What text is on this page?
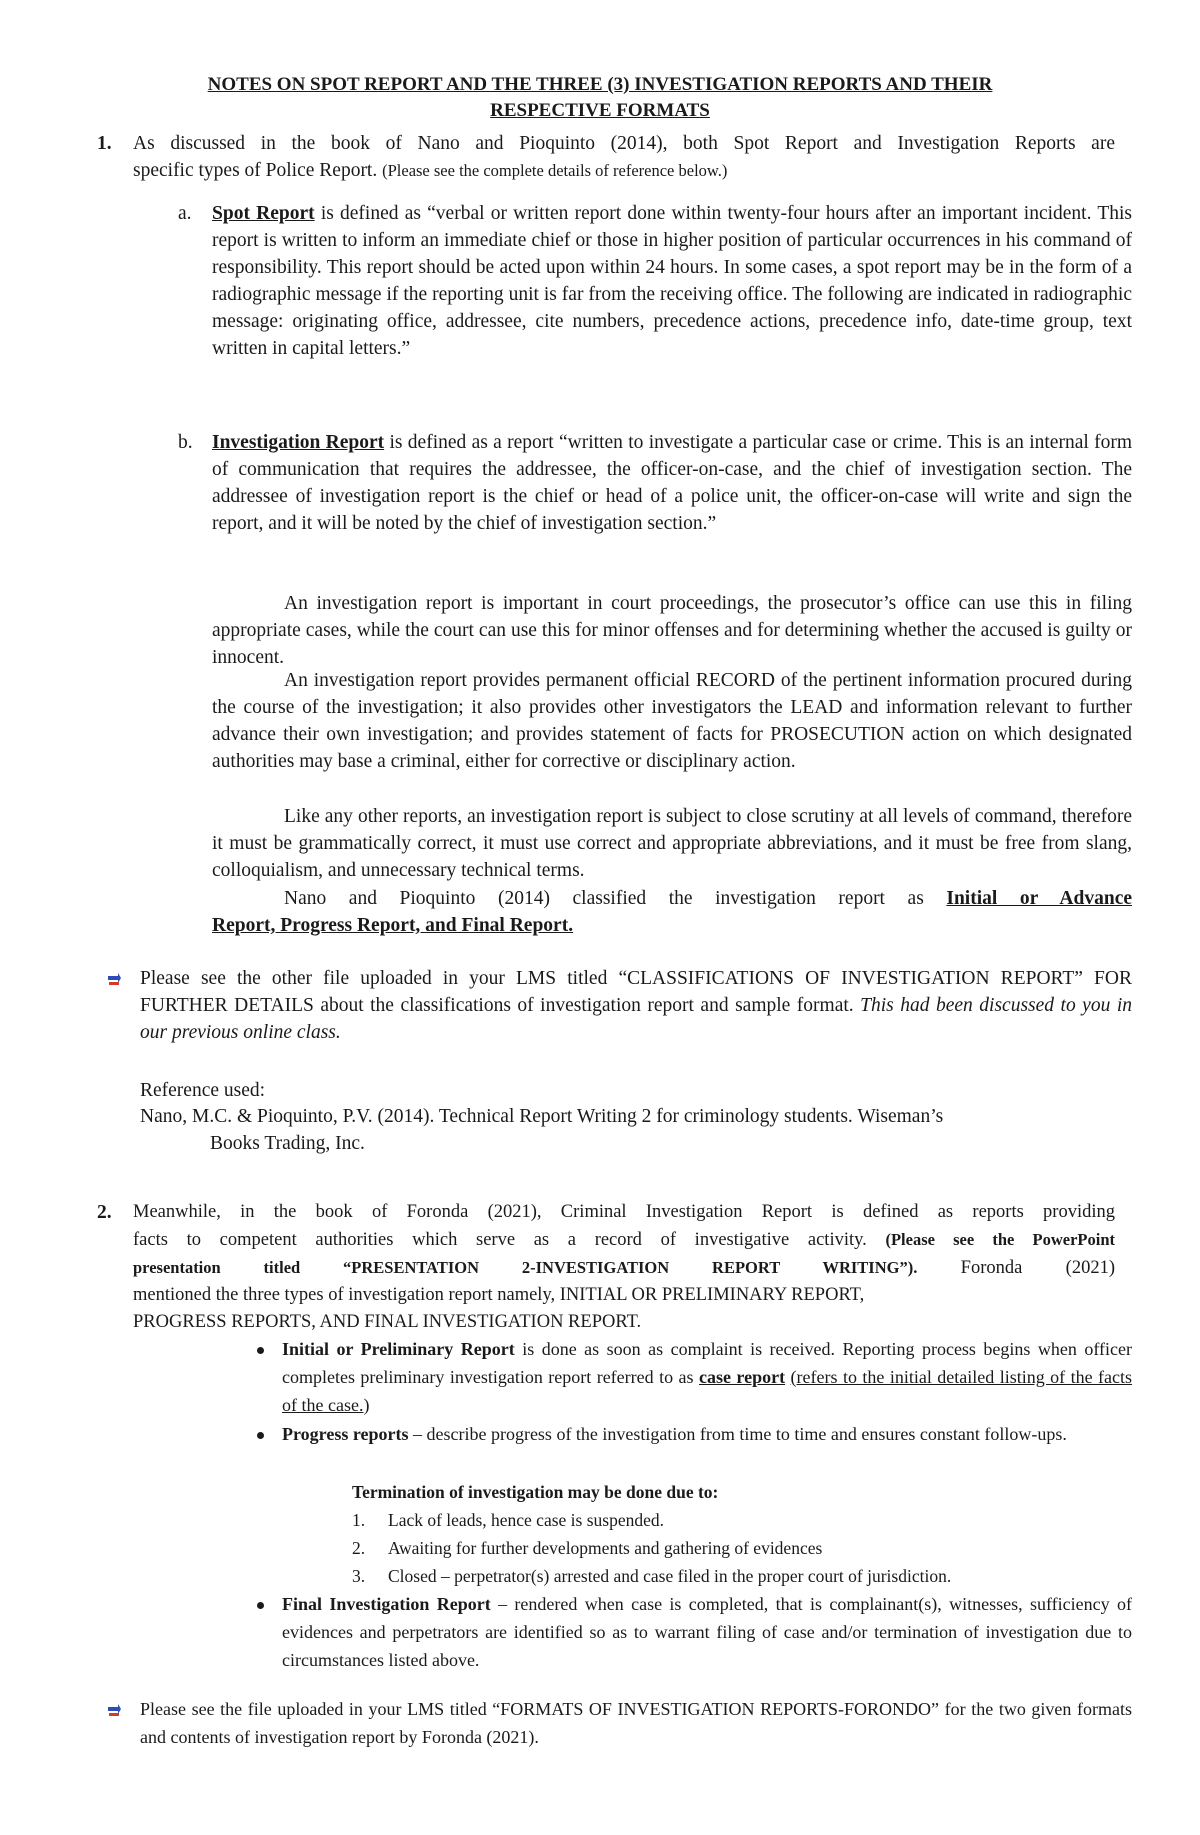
NOTES ON SPOT REPORT AND THE THREE (3) INVESTIGATION REPORTS AND THEIR
RESPECTIVE FORMATS
1. As discussed in the book of Nano and Pioquinto (2014), both Spot Report and Investigation Reports are
specific types of Police Report. (Please see the complete details of reference below.)
a. Spot Report is defined as “verbal or written report done within twenty-four hours after an important incident. This report is written to inform an immediate chief or those in higher position of particular occurrences in his command of responsibility. This report should be acted upon within 24 hours. In some cases, a spot report may be in the form of a radiographic message if the reporting unit is far from the receiving office. The following are indicated in radiographic message: originating office, addressee, cite numbers, precedence actions, precedence info, date-time group, text written in capital letters.”
b. Investigation Report is defined as a report “written to investigate a particular case or crime. This is an internal form of communication that requires the addressee, the officer-on-case, and the chief of investigation section. The addressee of investigation report is the chief or head of a police unit, the officer-on-case will write and sign the report, and it will be noted by the chief of investigation section.”
An investigation report is important in court proceedings, the prosecutor’s office can use this in filing appropriate cases, while the court can use this for minor offenses and for determining whether the accused is guilty or innocent.
An investigation report provides permanent official RECORD of the pertinent information procured during the course of the investigation; it also provides other investigators the LEAD and information relevant to further advance their own investigation; and provides statement of facts for PROSECUTION action on which designated authorities may base a criminal, either for corrective or disciplinary action.
Like any other reports, an investigation report is subject to close scrutiny at all levels of command, therefore it must be grammatically correct, it must use correct and appropriate abbreviations, and it must be free from slang, colloquialism, and unnecessary technical terms.
Nano and Pioquinto (2014) classified the investigation report as Initial or Advance
Report, Progress Report, and Final Report.
Please see the other file uploaded in your LMS titled “CLASSIFICATIONS OF INVESTIGATION REPORT” FOR FURTHER DETAILS about the classifications of investigation report and sample format. This had been discussed to you in our previous online class.
Reference used:
Nano, M.C. & Pioquinto, P.V. (2014). Technical Report Writing 2 for criminology students. Wiseman’s
Books Trading, Inc.
2. Meanwhile, in the book of Foronda (2021), Criminal Investigation Report is defined as reports providing
facts to competent authorities which serve as a record of investigative activity. (Please see the PowerPoint
presentation titled “PRESENTATION 2-INVESTIGATION REPORT WRITING”). Foronda (2021)
mentioned the three types of investigation report namely, INITIAL OR PRELIMINARY REPORT,
PROGRESS REPORTS, AND FINAL INVESTIGATION REPORT.
Initial or Preliminary Report is done as soon as complaint is received. Reporting process begins when officer completes preliminary investigation report referred to as case report (refers to the initial detailed listing of the facts of the case.)
Progress reports – describe progress of the investigation from time to time and ensures constant follow-ups.
Termination of investigation may be done due to:
1. Lack of leads, hence case is suspended.
2. Awaiting for further developments and gathering of evidences
3. Closed – perpetrator(s) arrested and case filed in the proper court of jurisdiction.
Final Investigation Report – rendered when case is completed, that is complainant(s), witnesses, sufficiency of evidences and perpetrators are identified so as to warrant filing of case and/or termination of investigation due to circumstances listed above.
Please see the file uploaded in your LMS titled “FORMATS OF INVESTIGATION REPORTS-FORONDO” for the two given formats and contents of investigation report by Foronda (2021).
